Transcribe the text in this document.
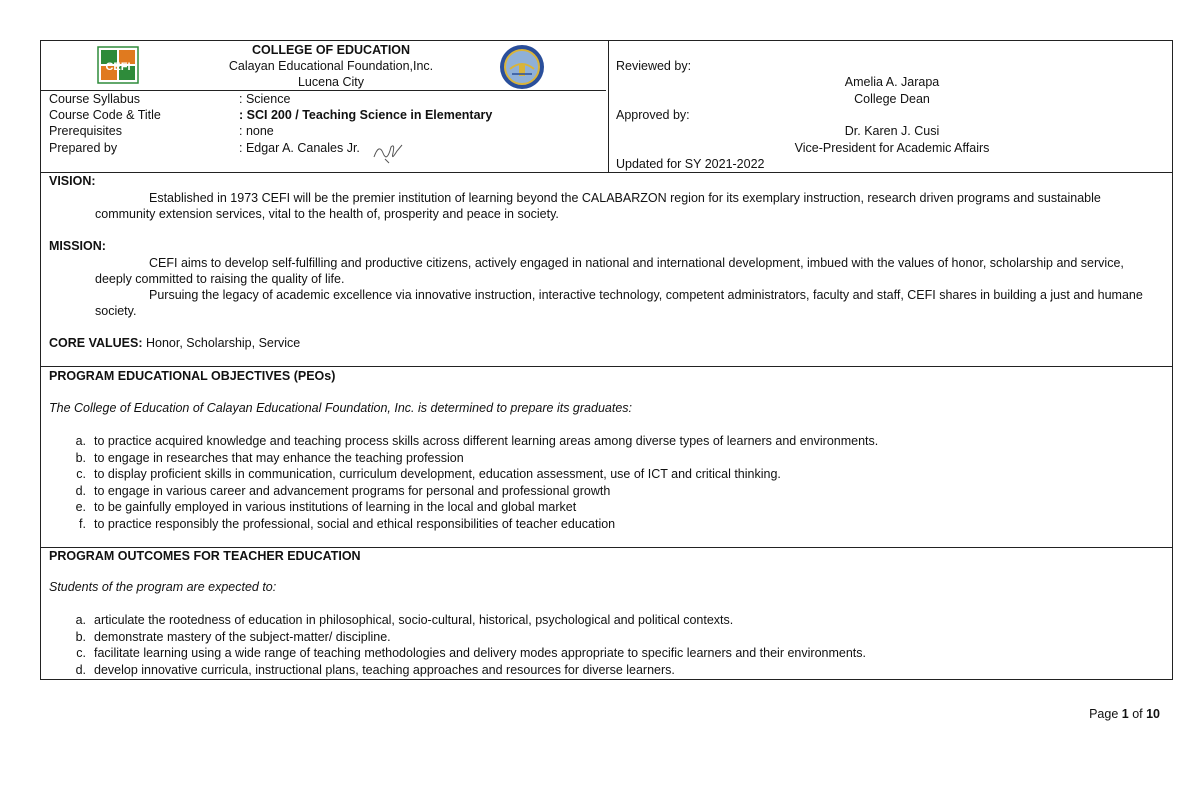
CEFI
COLLEGE OF EDUCATION
Calayan Educational Foundation,Inc.
Lucena City
Course Syllabus	: Science
Course Code & Title	: SCI 200 / Teaching Science in Elementary
Prerequisites	: none
Prepared by	: Edgar A. Canales Jr.
Reviewed by:
Amelia A. Jarapa
College Dean
Approved by:
Dr. Karen J. Cusi
Vice-President for Academic Affairs
Updated for SY 2021-2022
VISION:
Established in 1973 CEFI will be the premier institution of learning beyond the CALABARZON region for its exemplary instruction, research driven programs and sustainable community extension services, vital to the health of, prosperity and peace in society.
MISSION:
CEFI aims to develop self-fulfilling and productive citizens, actively engaged in national and international development, imbued with the values of honor, scholarship and service, deeply committed to raising the quality of life.
Pursuing the legacy of academic excellence via innovative instruction, interactive technology, competent administrators, faculty and staff, CEFI shares in building a just and humane society.
CORE VALUES: Honor, Scholarship, Service
PROGRAM EDUCATIONAL OBJECTIVES (PEOs)
The College of Education of Calayan Educational Foundation, Inc. is determined to prepare its graduates:
a. to practice acquired knowledge and teaching process skills across different learning areas among diverse types of learners and environments.
b. to engage in researches that may enhance the teaching profession
c. to display proficient skills in communication, curriculum development, education assessment, use of ICT and critical thinking.
d. to engage in various career and advancement programs for personal and professional growth
e. to be gainfully employed in various institutions of learning in the local and global market
f. to practice responsibly the professional, social and ethical responsibilities of teacher education
PROGRAM OUTCOMES FOR TEACHER EDUCATION
Students of the program are expected to:
a. articulate the rootedness of education in philosophical, socio-cultural, historical, psychological and political contexts.
b. demonstrate mastery of the subject-matter/ discipline.
c. facilitate learning using a wide range of teaching methodologies and delivery modes appropriate to specific learners and their environments.
d. develop innovative curricula, instructional plans, teaching approaches and resources for diverse learners.
Page 1 of 10
